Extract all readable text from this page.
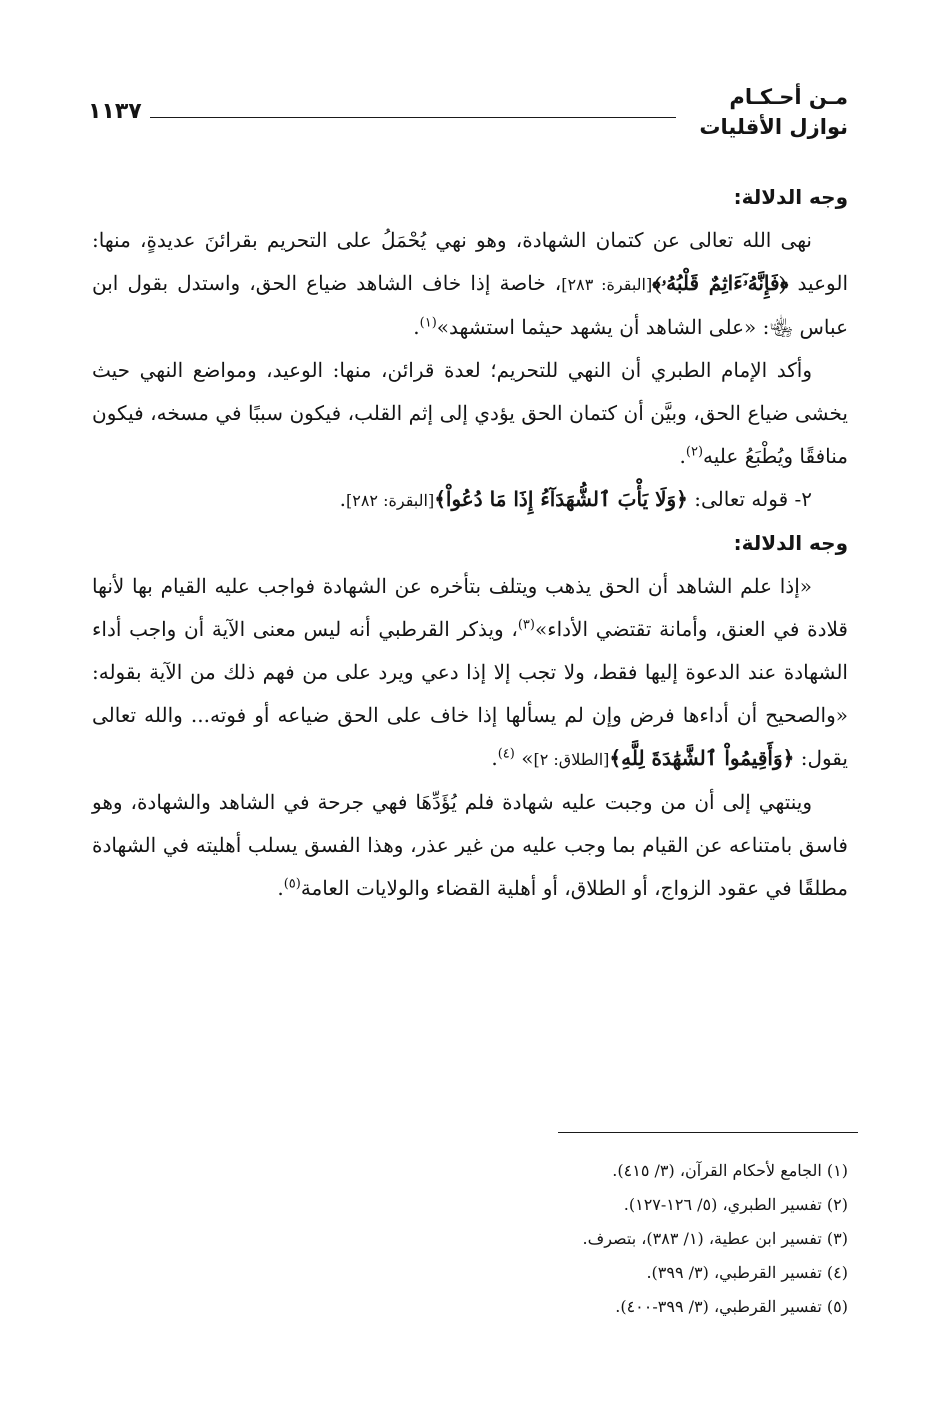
مـن أحـكـام
نوازل الأقليات
١١٣٧

وجه الدلالة:

نهى الله تعالى عن كتمان الشهادة، وهو نهي يُحْمَلُ على التحريم بقرائنَ عديدةٍ، منها: الوعيد ﴿فَإِنَّهُۥٓءَاثِمٌ قَلْبُهُۥ﴾[البقرة: ٢٨٣]، خاصة إذا خاف الشاهد ضياع الحق، واستدل بقول ابن عباس ﵄: «على الشاهد أن يشهد حيثما استشهد»$^{(١)}$.

وأكد الإمام الطبري أن النهي للتحريم؛ لعدة قرائن، منها: الوعيد، ومواضع النهي حيث يخشى ضياع الحق، وبيَّن أن كتمان الحق يؤدي إلى إثم القلب، فيكون سببًا في مسخه، فيكون منافقًا ويُطْبَعُ عليه$^{(٢)}$.

٢- قوله تعالى: ﴿وَلَا يَأْبَ ٱلشُّهَدَآءُ إِذَا مَا دُعُواْ﴾[البقرة: ٢٨٢].

وجه الدلالة:

«إذا علم الشاهد أن الحق يذهب ويتلف بتأخره عن الشهادة فواجب عليه القيام بها لأنها قلادة في العنق، وأمانة تقتضي الأداء»$^{(٣)}$، ويذكر القرطبي أنه ليس معنى الآية أن واجب أداء الشهادة عند الدعوة إليها فقط، ولا تجب إلا إذا دعي ويرد على من فهم ذلك من الآية بقوله: «والصحيح أن أداءها فرض وإن لم يسألها إذا خاف على الحق ضياعه أو فوته... والله تعالى يقول: ﴿وَأَقِيمُواْ ٱلشَّهَٰدَةَ لِلَّهِ﴾[الطلاق: ٢]» $^{(٤)}$.

وينتهي إلى أن من وجبت عليه شهادة فلم يُؤَدِّهَا فهي جرحة في الشاهد والشهادة، وهو فاسق بامتناعه عن القيام بما وجب عليه من غير عذر، وهذا الفسق يسلب أهليته في الشهادة مطلقًا في عقود الزواج، أو الطلاق، أو أهلية القضاء والولايات العامة$^{(٥)}$.

(١) الجامع لأحكام القرآن، (٣/ ٤١٥).
(٢) تفسير الطبري، (٥/ ١٢٦-١٢٧).
(٣) تفسير ابن عطية، (١/ ٣٨٣)، بتصرف.
(٤) تفسير القرطبي، (٣/ ٣٩٩).
(٥) تفسير القرطبي، (٣/ ٣٩٩-٤٠٠).
